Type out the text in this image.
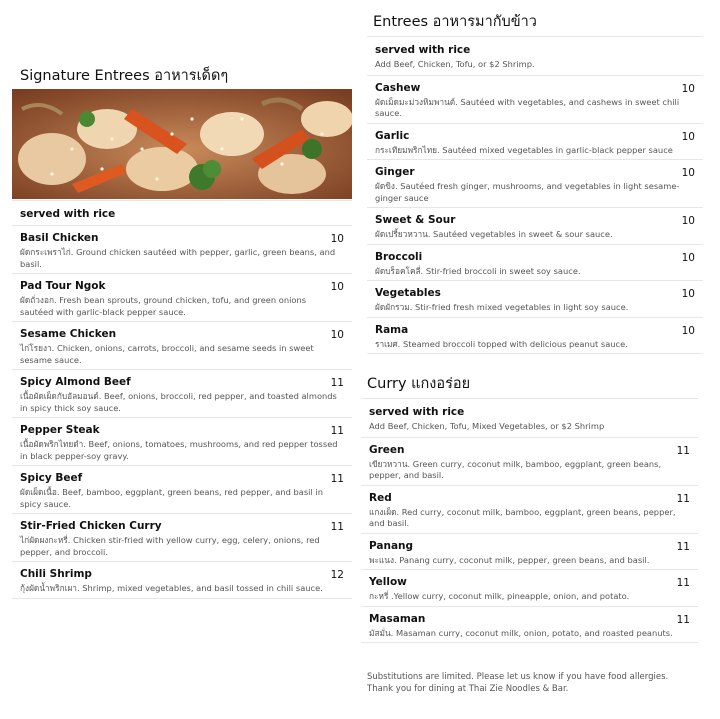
Signature Entrees อาหารเด็ดๆ
served with rice
Basil Chicken	10
ผัดกระเพราไก่. Ground chicken sautéed with pepper, garlic, green beans, and basil.
Pad Tour Ngok	10
ผัดถั่วงอก. Fresh bean sprouts, ground chicken, tofu, and green onions sautéed with garlic-black pepper sauce.
Sesame Chicken	10
ไก่โรยงา. Chicken, onions, carrots, broccoli, and sesame seeds in sweet sesame sauce.
Spicy Almond Beef	11
เนื้อผัดเผ็ดกับอัลมอนด์. Beef, onions, broccoli, red pepper, and toasted almonds in spicy thick soy sauce.
Pepper Steak	11
เนื้อผัดพริกไทยดำ. Beef, onions, tomatoes, mushrooms, and red pepper tossed in black pepper-soy gravy.
Spicy Beef	11
ผัดเผ็ดเนื้อ. Beef, bamboo, eggplant, green beans, red pepper, and basil in spicy sauce.
Stir-Fried Chicken Curry	11
ไก่ผัดผงกะหรี่. Chicken stir-fried with yellow curry, egg, celery, onions, red pepper, and broccoli.
Chili Shrimp	12
กุ้งผัดน้ำพริกเผา. Shrimp, mixed vegetables, and basil tossed in chili sauce.
Entrees อาหารมากับข้าว
served with rice
Add Beef, Chicken, Tofu, or $2 Shrimp.
Cashew	10
ผัดเม็ดมะม่วงหิมพานต์. Sautéed with vegetables, and cashews in sweet chili sauce.
Garlic	10
กระเทียมพริกไทย. Sautéed mixed vegetables in garlic-black pepper sauce
Ginger	10
ผัดขิง. Sautéed fresh ginger, mushrooms, and vegetables in light sesame-ginger sauce
Sweet & Sour	10
ผัดเปรี้ยวหวาน. Sautéed vegetables in sweet & sour sauce.
Broccoli	10
ผัดบร็อคโคลี่. Stir-fried broccoli in sweet soy sauce.
Vegetables	10
ผัดผักรวม. Stir-fried fresh mixed vegetables in light soy sauce.
Rama	10
ราเมศ. Steamed broccoli topped with delicious peanut sauce.
Curry แกงอร่อย
served with rice
Add Beef, Chicken, Tofu, Mixed Vegetables, or $2 Shrimp
Green	11
เขียวหวาน. Green curry, coconut milk, bamboo, eggplant, green beans, pepper, and basil.
Red	11
แกงเผ็ด. Red curry, coconut milk, bamboo, eggplant, green beans, pepper, and basil.
Panang	11
พะแนง. Panang curry, coconut milk, pepper, green beans, and basil.
Yellow	11
กะหรี่ .Yellow curry, coconut milk, pineapple, onion, and potato.
Masaman	11
มัสมั่น. Masaman curry, coconut milk, onion, potato, and roasted peanuts.
Substitutions are limited. Please let us know if you have food allergies.
Thank you for dining at Thai Zie Noodles & Bar.
